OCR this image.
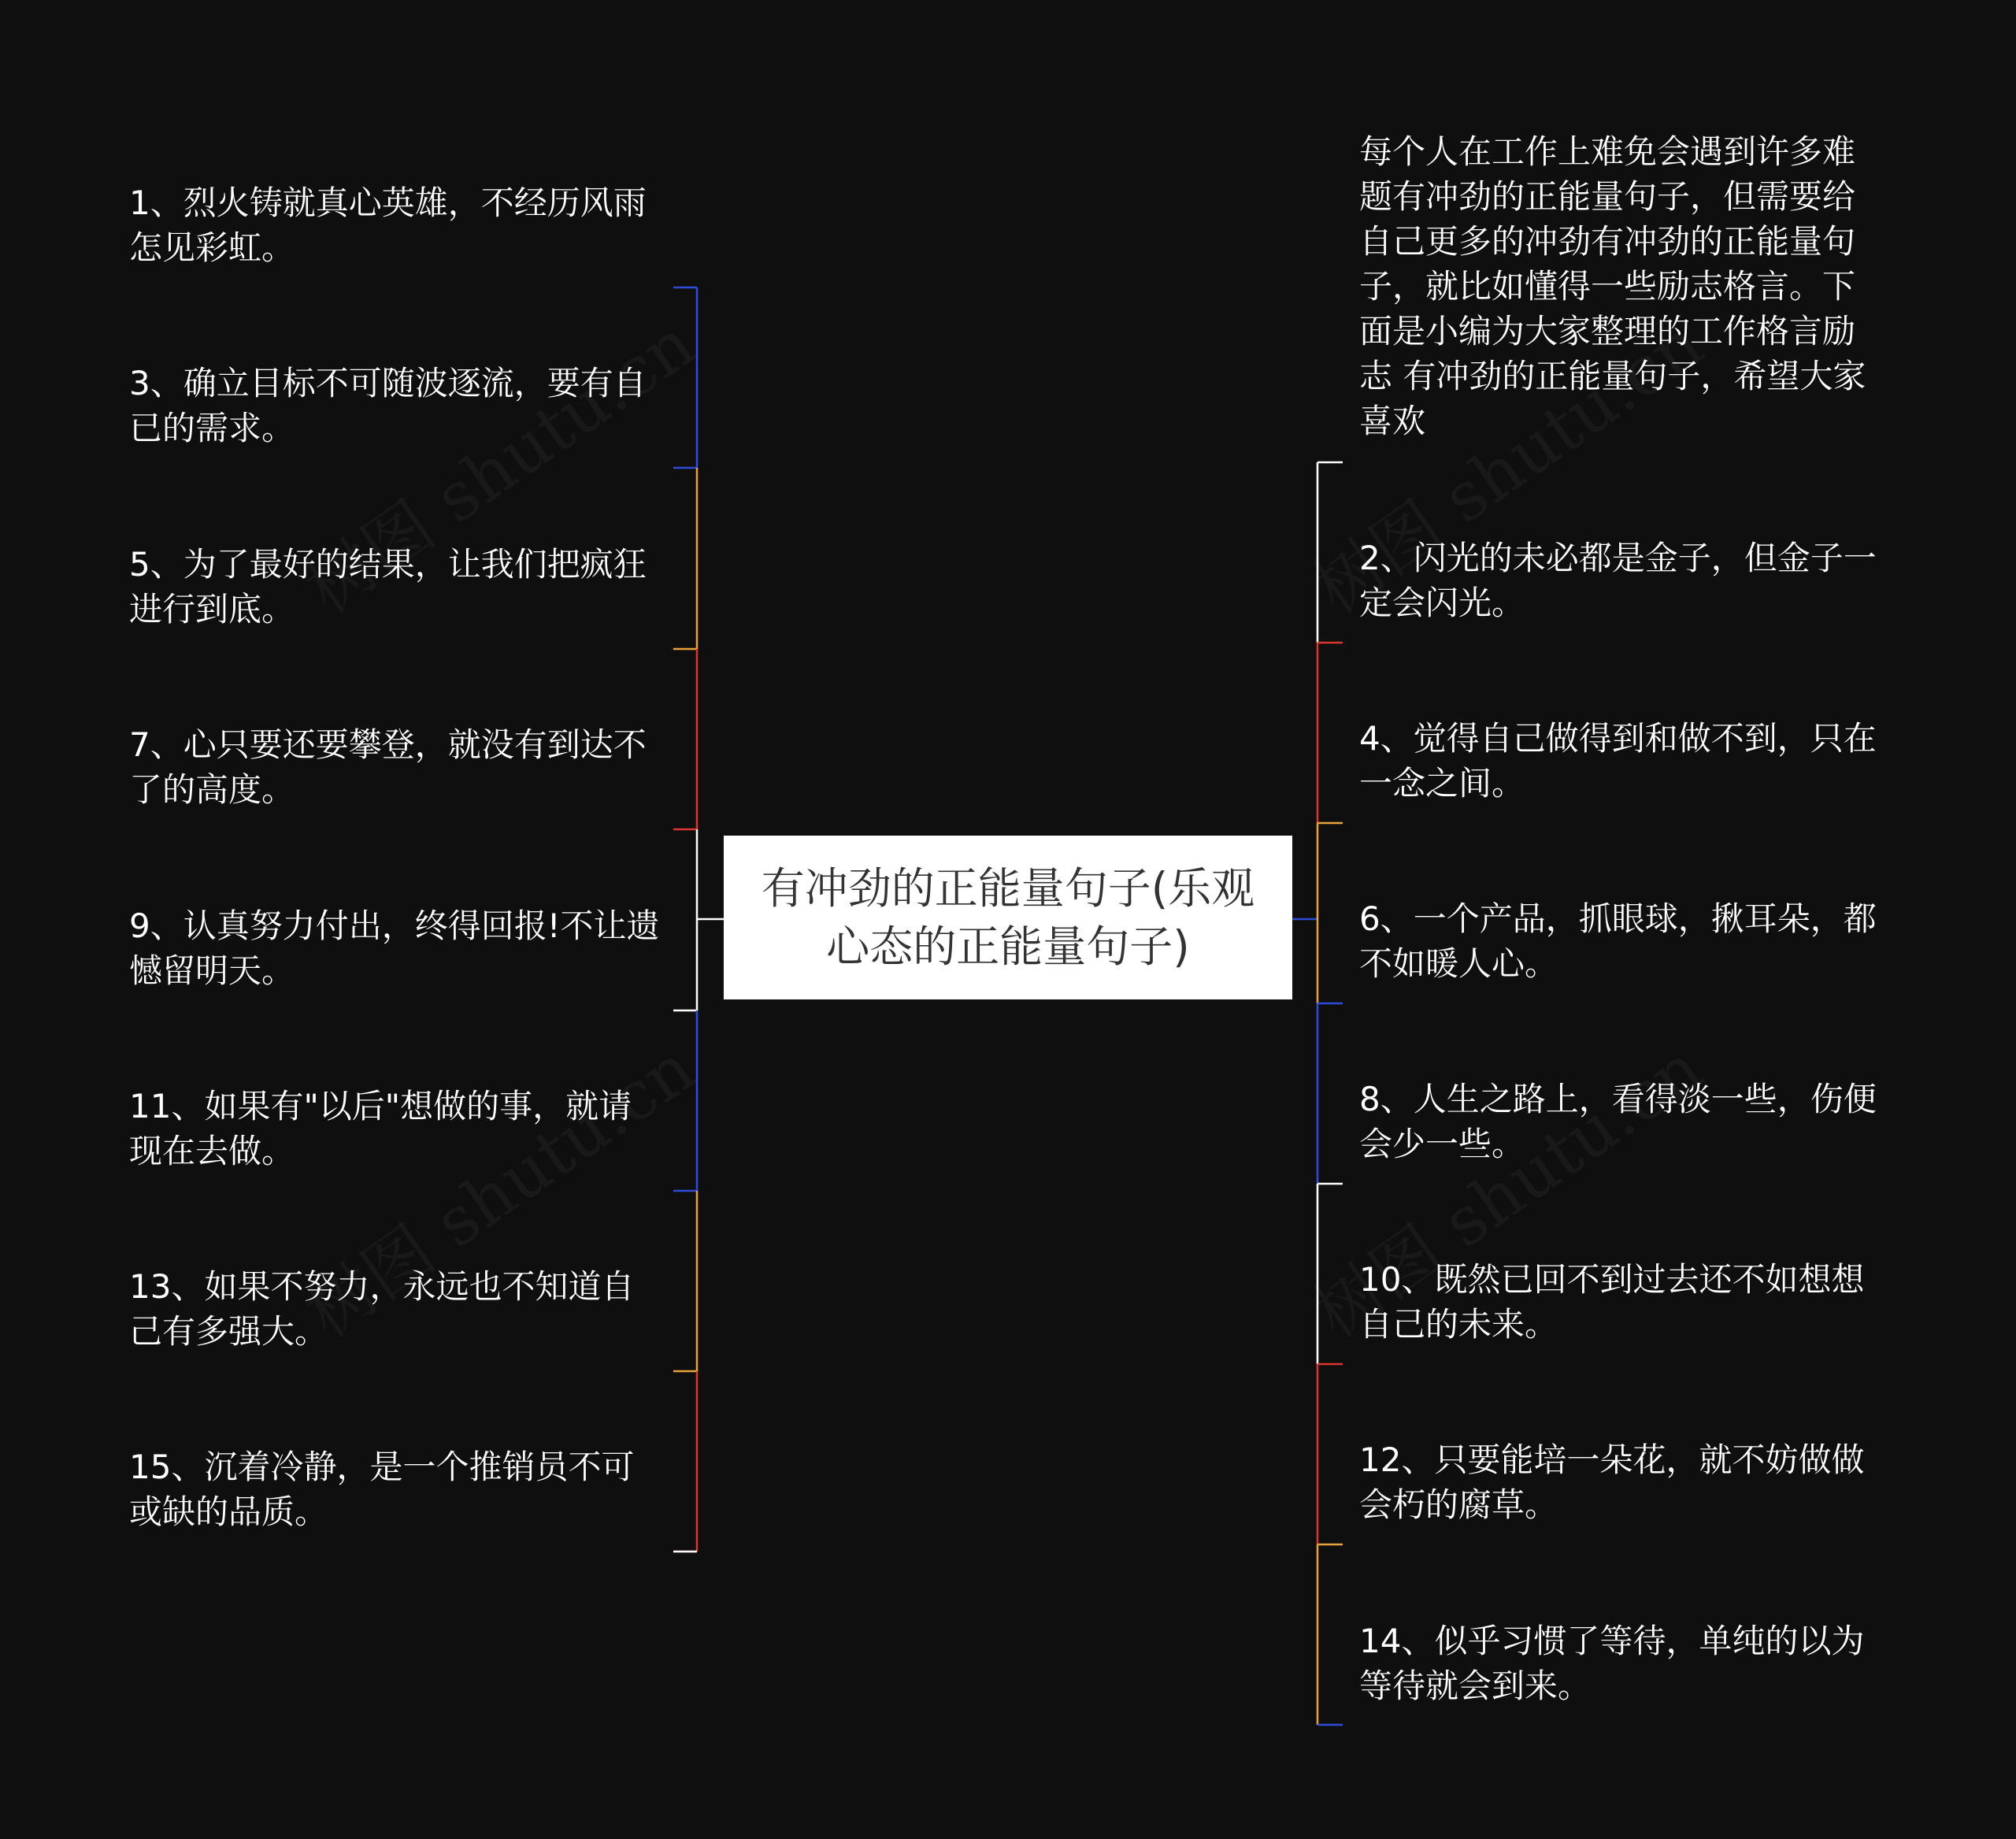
有冲劲的正能量句子(乐观心态的正能量句子)
1、烈火铸就真心英雄，不经历风雨怎见彩虹。
3、确立目标不可随波逐流，要有自已的需求。
5、为了最好的结果，让我们把疯狂进行到底。
7、心只要还要攀登，就没有到达不了的高度。
9、认真努力付出，终得回报!不让遗憾留明天。
11、如果有"以后"想做的事，就请现在去做。
13、如果不努力，永远也不知道自己有多强大。
15、沉着冷静，是一个推销员不可或缺的品质。
每个人在工作上难免会遇到许多难题有冲劲的正能量句子，但需要给自己更多的冲劲有冲劲的正能量句子，就比如懂得一些励志格言。下面是小编为大家整理的工作格言励志 有冲劲的正能量句子，希望大家喜欢
2、闪光的未必都是金子，但金子一定会闪光。
4、觉得自己做得到和做不到，只在一念之间。
6、一个产品，抓眼球，揪耳朵，都不如暖人心。
8、人生之路上，看得淡一些，伤便会少一些。
10、既然已回不到过去还不如想想自己的未来。
12、只要能培一朵花，就不妨做做会朽的腐草。
14、似乎习惯了等待，单纯的以为等待就会到来。
